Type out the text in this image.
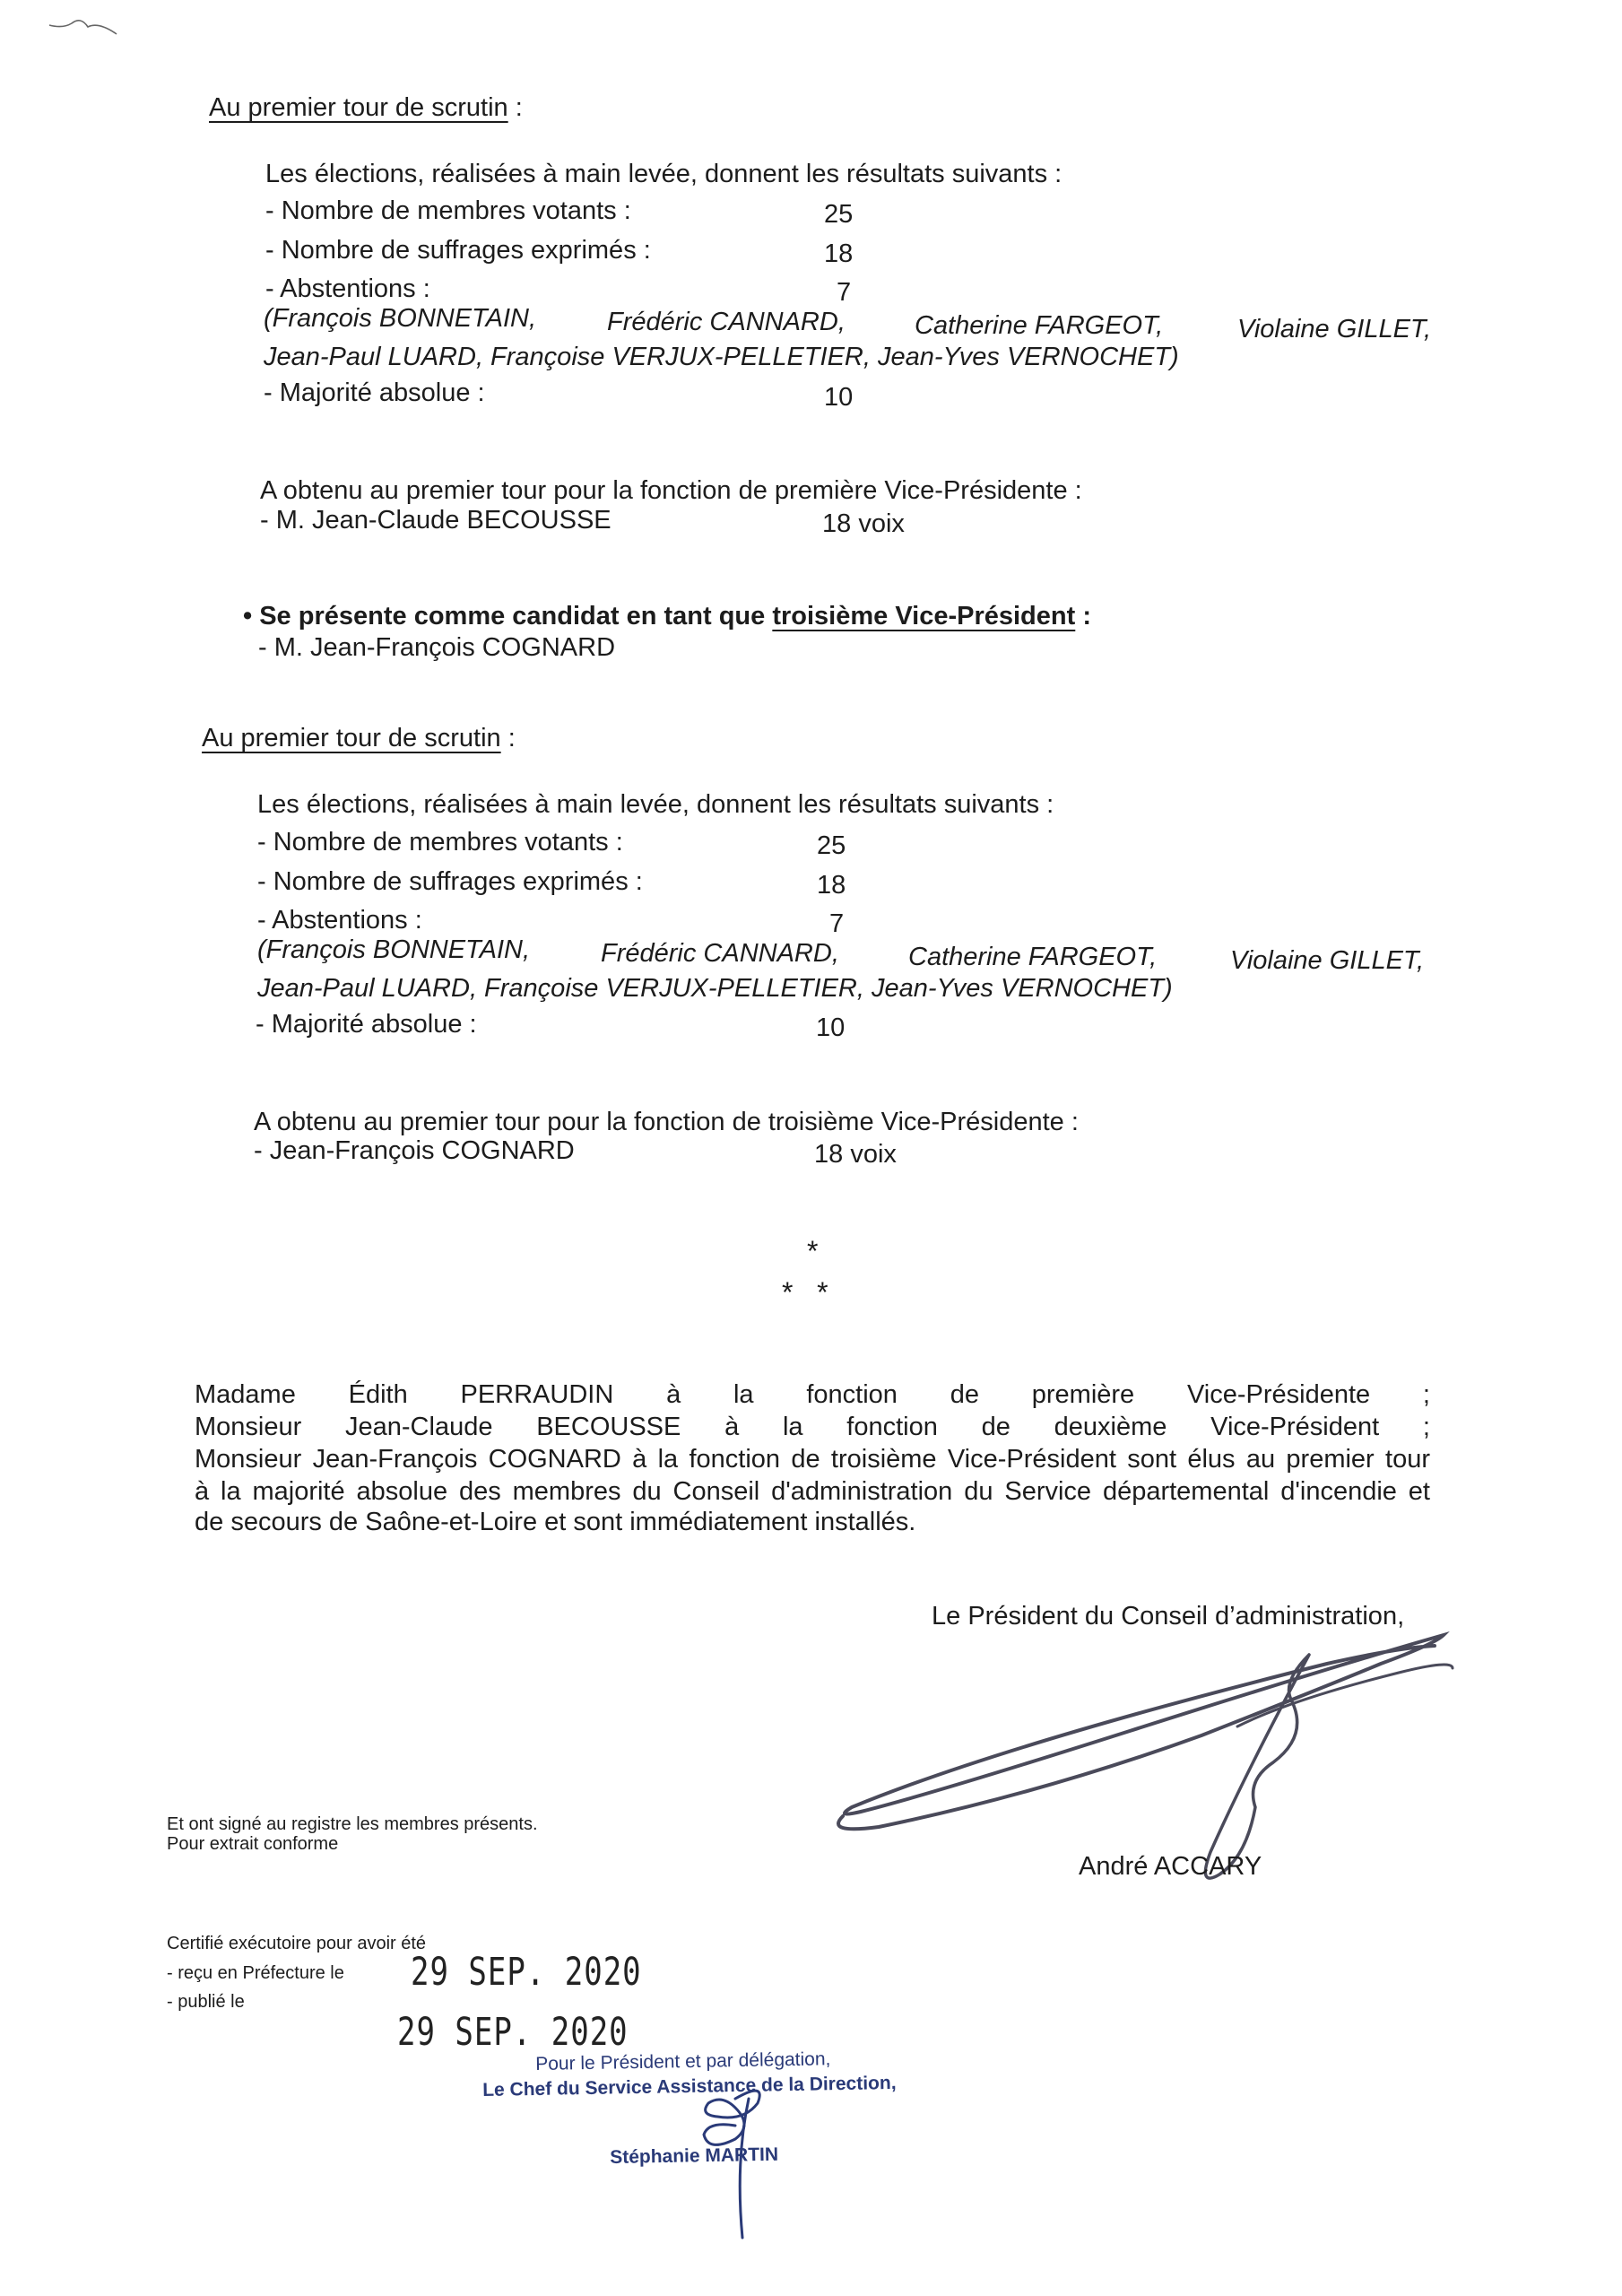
Au premier tour de scrutin :
Les élections, réalisées à main levée, donnent les résultats suivants :
- Nombre de membres votants :	25
- Nombre de suffrages exprimés :	18
- Abstentions :	7
(François BONNETAIN,	Frédéric CANNARD,	Catherine FARGEOT,	Violaine GILLET,
Jean-Paul LUARD, Françoise VERJUX-PELLETIER, Jean-Yves VERNOCHET)
- Majorité absolue :	10
A obtenu au premier tour pour la fonction de première Vice-Présidente :
- M. Jean-Claude BECOUSSE	18 voix
• Se présente comme candidat en tant que troisième Vice-Président :
- M. Jean-François COGNARD
Au premier tour de scrutin :
Les élections, réalisées à main levée, donnent les résultats suivants :
- Nombre de membres votants :	25
- Nombre de suffrages exprimés :	18
- Abstentions :	7
(François BONNETAIN,	Frédéric CANNARD,	Catherine FARGEOT,	Violaine GILLET,
Jean-Paul LUARD, Françoise VERJUX-PELLETIER, Jean-Yves VERNOCHET)
- Majorité absolue :	10
A obtenu au premier tour pour la fonction de troisième Vice-Présidente :
- Jean-François COGNARD	18 voix
*
*   *
Madame Édith PERRAUDIN à la fonction de première Vice-Présidente ;
Monsieur Jean-Claude BECOUSSE à la fonction de deuxième Vice-Président ;
Monsieur Jean-François COGNARD à la fonction de troisième Vice-Président sont élus au premier tour
à la majorité absolue des membres du Conseil d'administration du Service départemental d'incendie et
de secours de Saône-et-Loire et sont immédiatement installés.
Le Président du Conseil d’administration,
André ACCARY
Et ont signé au registre les membres présents.
Pour extrait conforme
Certifié exécutoire pour avoir été
- reçu en Préfecture le
- publié le
29 SEP. 2020
29 SEP. 2020
Pour le Président et par délégation,
Le Chef du Service Assistance de la Direction,
Stéphanie MARTIN
